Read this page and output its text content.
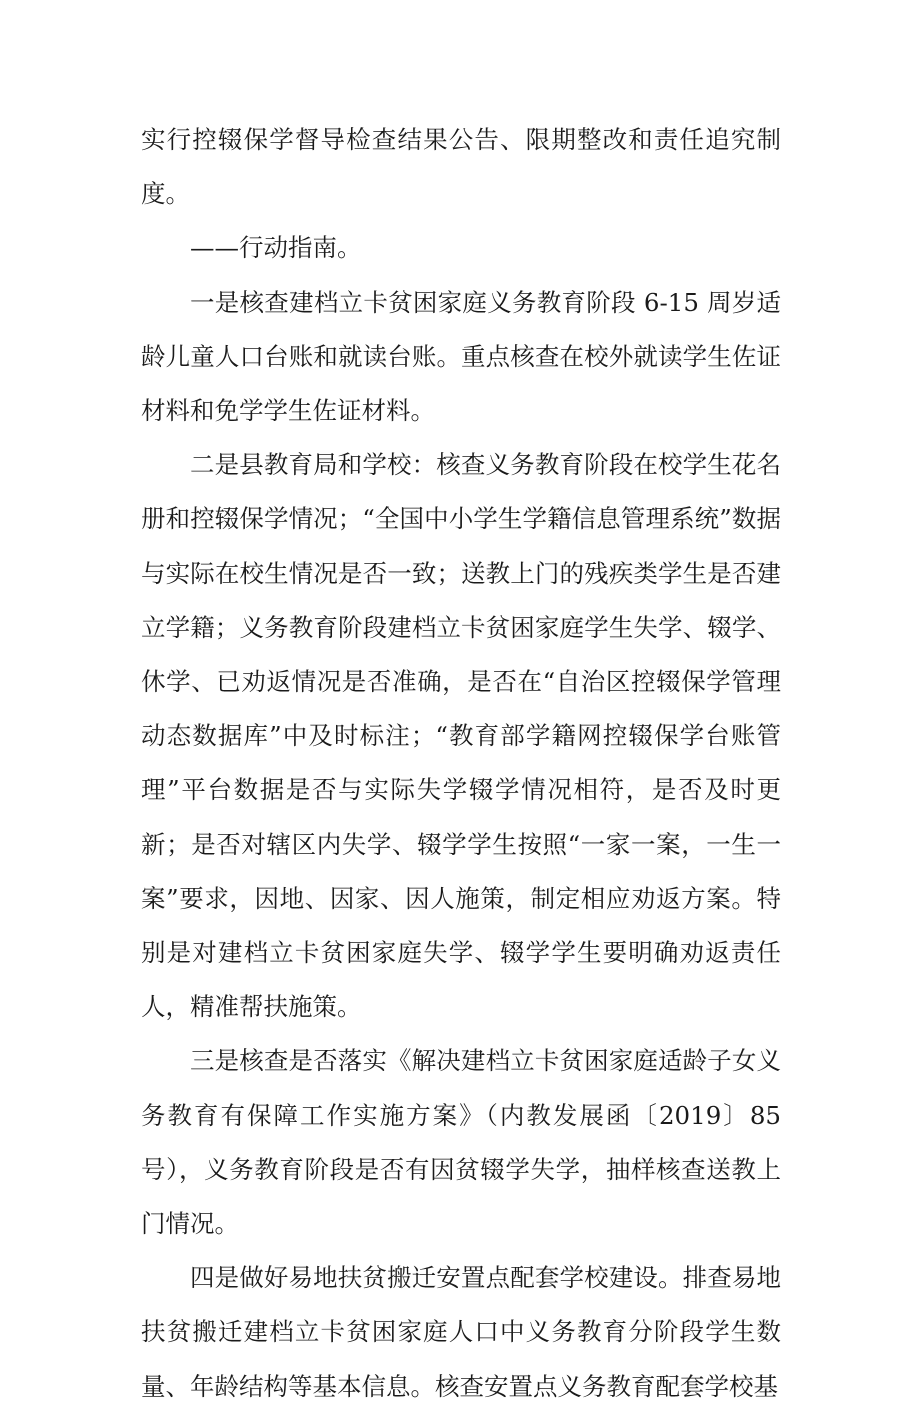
实行控辍保学督导检查结果公告、限期整改和责任追究制度。

——行动指南。

一是核查建档立卡贫困家庭义务教育阶段 6-15 周岁适龄儿童人口台账和就读台账。重点核查在校外就读学生佐证材料和免学学生佐证材料。

二是县教育局和学校：核查义务教育阶段在校学生花名册和控辍保学情况；“全国中小学生学籍信息管理系统”数据与实际在校生情况是否一致；送教上门的残疾类学生是否建立学籍；义务教育阶段建档立卡贫困家庭学生失学、辍学、休学、已劝返情况是否准确，是否在“自治区控辍保学管理动态数据库”中及时标注；“教育部学籍网控辍保学台账管理”平台数据是否与实际失学辍学情况相符，是否及时更新；是否对辖区内失学、辍学学生按照“一家一案，一生一案”要求，因地、因家、因人施策，制定相应劝返方案。特别是对建档立卡贫困家庭失学、辍学学生要明确劝返责任人，精准帮扶施策。

三是核查是否落实《解决建档立卡贫困家庭适龄子女义务教育有保障工作实施方案》（内教发展函〔2019〕85 号），义务教育阶段是否有因贫辍学失学，抽样核查送教上门情况。

四是做好易地扶贫搬迁安置点配套学校建设。排查易地扶贫搬迁建档立卡贫困家庭人口中义务教育分阶段学生数量、年龄结构等基本信息。核查安置点义务教育配套学校基
